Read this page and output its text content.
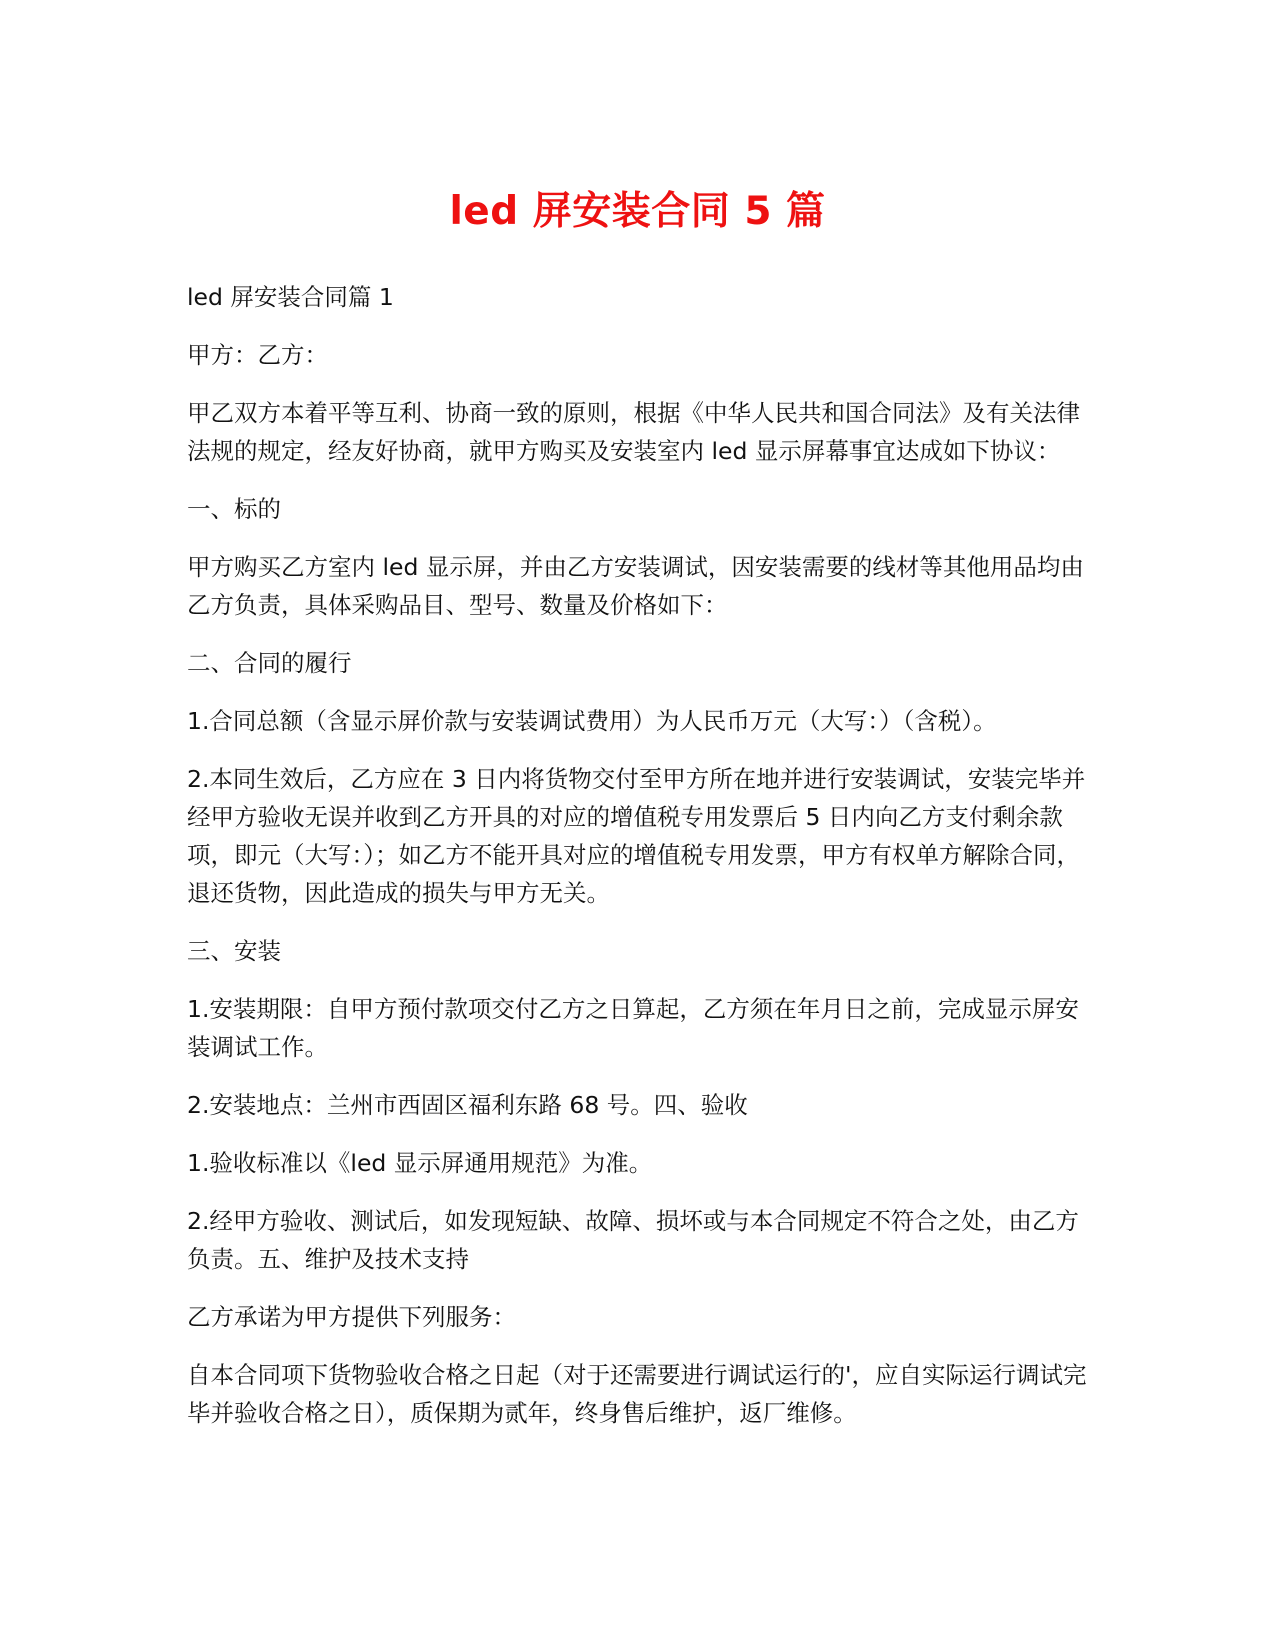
led 屏安装合同 5 篇

led 屏安装合同篇 1

甲方：乙方：

甲乙双方本着平等互利、协商一致的原则，根据《中华人民共和国合同法》及有关法律法规的规定，经友好协商，就甲方购买及安装室内 led 显示屏幕事宜达成如下协议：

一、标的

甲方购买乙方室内 led 显示屏，并由乙方安装调试，因安装需要的线材等其他用品均由乙方负责，具体采购品目、型号、数量及价格如下：

二、合同的履行

1.合同总额（含显示屏价款与安装调试费用）为人民币万元（大写：）（含税）。

2.本同生效后，乙方应在 3 日内将货物交付至甲方所在地并进行安装调试，安装完毕并经甲方验收无误并收到乙方开具的对应的增值税专用发票后 5 日内向乙方支付剩余款项，即元（大写：）；如乙方不能开具对应的增值税专用发票，甲方有权单方解除合同，退还货物，因此造成的损失与甲方无关。

三、安装

1.安装期限：自甲方预付款项交付乙方之日算起，乙方须在年月日之前，完成显示屏安装调试工作。

2.安装地点：兰州市西固区福利东路 68 号。四、验收

1.验收标准以《led 显示屏通用规范》为准。

2.经甲方验收、测试后，如发现短缺、故障、损坏或与本合同规定不符合之处，由乙方负责。五、维护及技术支持

乙方承诺为甲方提供下列服务：

自本合同项下货物验收合格之日起（对于还需要进行调试运行的'，应自实际运行调试完毕并验收合格之日），质保期为贰年，终身售后维护，返厂维修。
